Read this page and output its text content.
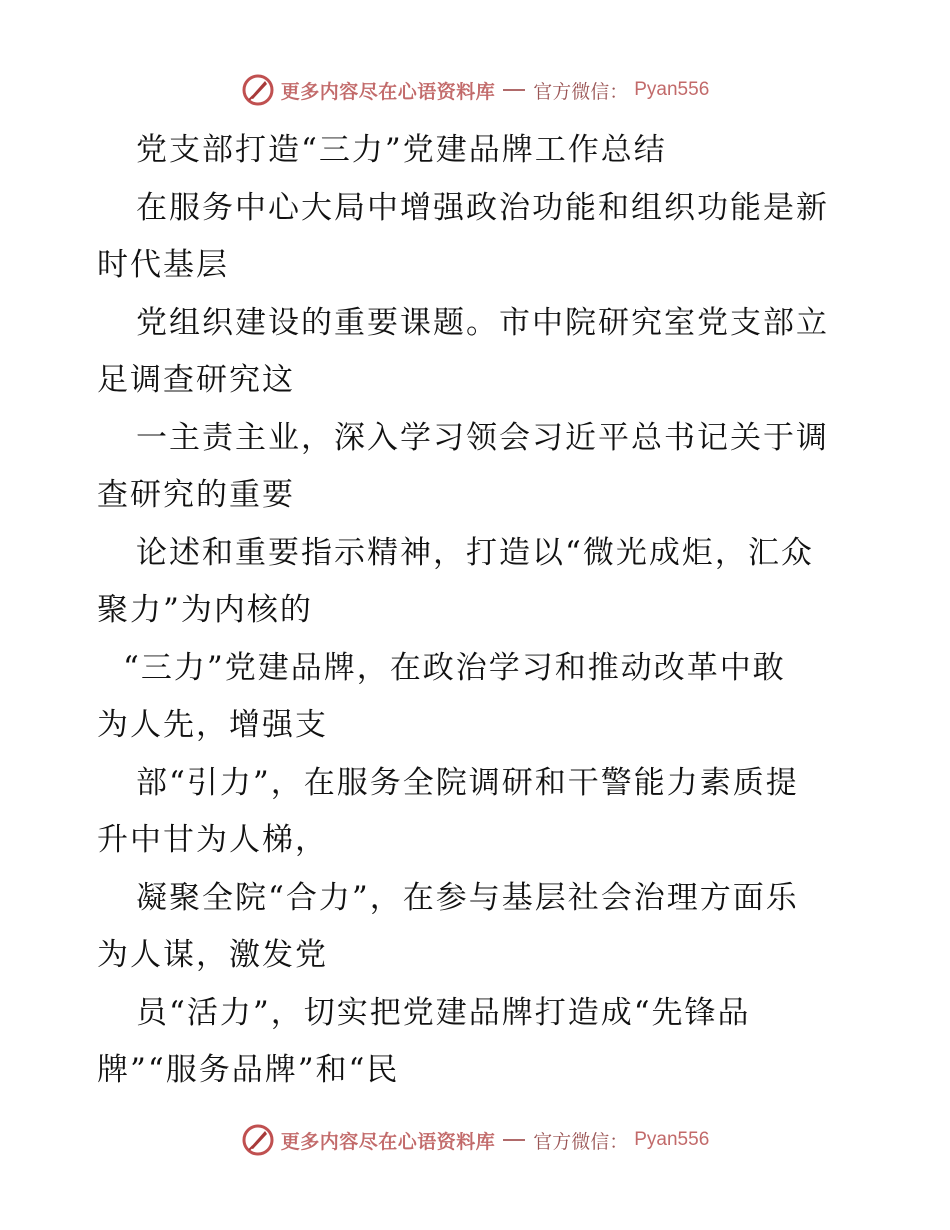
更多内容尽在心语资料库 官方微信： Pyan556
党支部打造“三力”党建品牌工作总结
在服务中心大局中增强政治功能和组织功能是新
时代基层
党组织建设的重要课题。市中院研究室党支部立
足调查研究这
一主责主业，深入学习领会习近平总书记关于调
查研究的重要
论述和重要指示精神，打造以“微光成炬，汇众
聚力”为内核的
“三力”党建品牌，在政治学习和推动改革中敢
为人先，增强支
部“引力”，在服务全院调研和干警能力素质提
升中甘为人梯，
凝聚全院“合力”，在参与基层社会治理方面乐
为人谋，激发党
员“活力”，切实把党建品牌打造成“先锋品
牌”“服务品牌”和“民
更多内容尽在心语资料库 官方微信： Pyan556
